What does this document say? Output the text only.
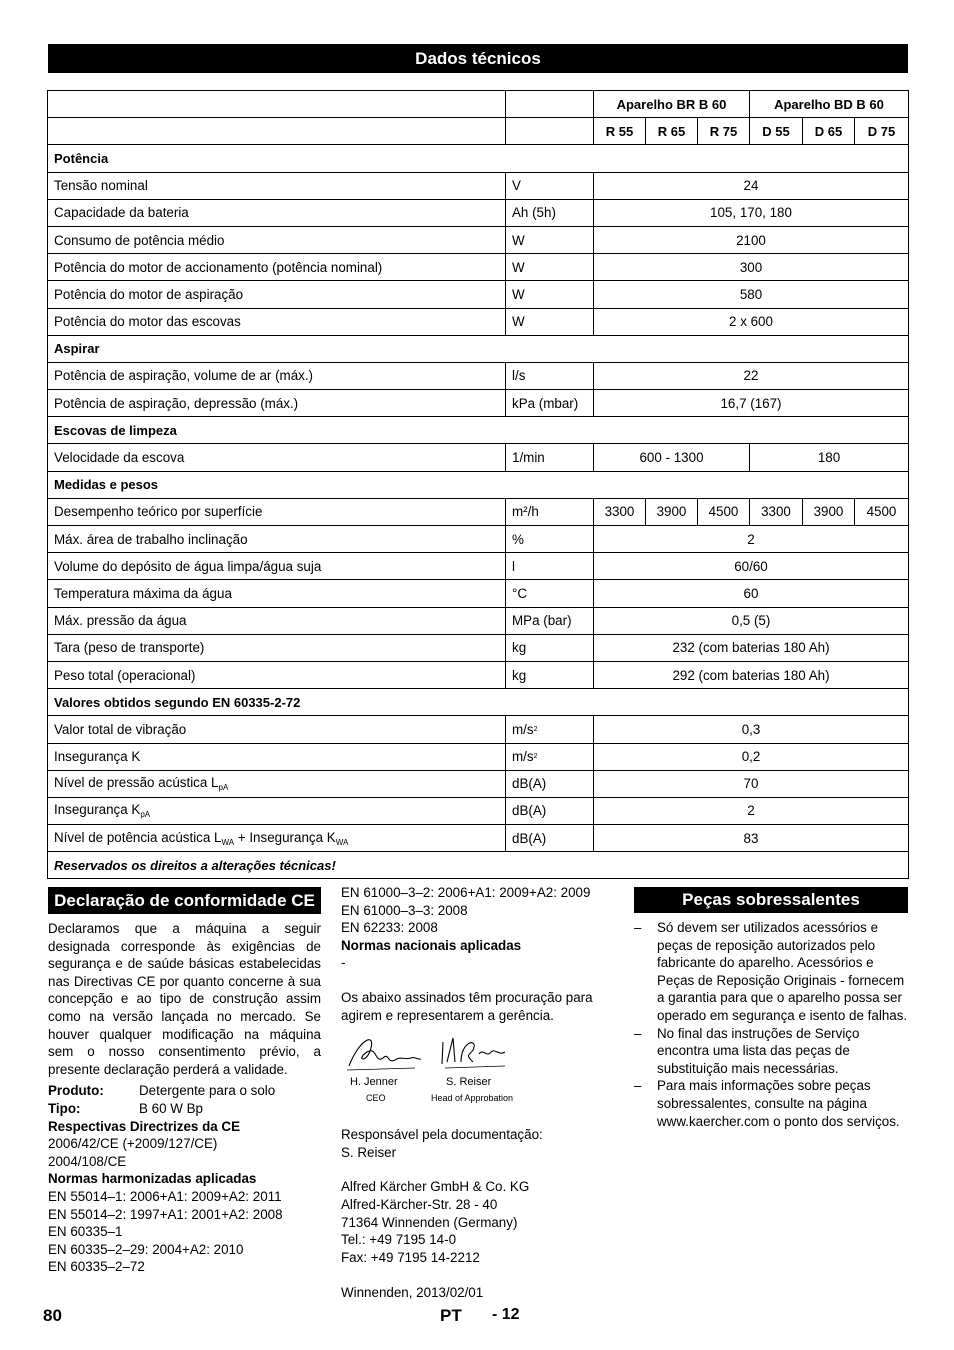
Dados técnicos
		Aparelho BR B 60			Aparelho BD B 60		
		R 55	R 65	R 75	D 55	D 65	D 75
Potência							
Tensão nominal	V	24					
Capacidade da bateria	Ah (5h)	105, 170, 180					
Consumo de potência médio	W	2100					
Potência do motor de accionamento (potência nominal)	W	300					
Potência do motor de aspiração	W	580					
Potência do motor das escovas	W	2 x 600					
Aspirar							
Potência de aspiração, volume de ar (máx.)	l/s	22					
Potência de aspiração, depressão (máx.)	kPa (mbar)	16,7 (167)					
Escovas de limpeza							
Velocidade da escova	1/min	600 - 1300			180		
Medidas e pesos							
Desempenho teórico por superfície	m²/h	3300	3900	4500	3300	3900	4500
Máx. área de trabalho inclinação	%	2					
Volume do depósito de água limpa/água suja	l	60/60					
Temperatura máxima da água	°C	60					
Máx. pressão da água	MPa (bar)	0,5 (5)					
Tara (peso de transporte)	kg	232 (com baterias 180 Ah)					
Peso total (operacional)	kg	292 (com baterias 180 Ah)					
Valores obtidos segundo EN 60335-2-72							
Valor total de vibração	$m/s^2$	0,3					
Insegurança K	$m/s^2$	0,2					
Nível de pressão acústica $L_{pA}$	dB(A)	70					
Insegurança $K_{pA}$	dB(A)	2					
Nível de potência acústica $L_{WA}$ + Insegurança $K_{WA}$	dB(A)	83					
Reservados os direitos a alterações técnicas!							
Declaração de conformidade CE

Declaramos que a máquina a seguir designada corresponde às exigências de segurança e de saúde básicas estabelecidas nas Directivas CE por quanto concerne à sua concepção e ao tipo de construção assim como na versão lançada no mercado. Se houver qualquer modificação na máquina sem o nosso consentimento prévio, a presente declaração perderá a validade.

Produto:	Detergente para o solo
Tipo:	B 60 W Bp
Respectivas Directrizes da CE
2006/42/CE (+2009/127/CE)
2004/108/CE
Normas harmonizadas aplicadas
EN 55014–1: 2006+A1: 2009+A2: 2011
EN 55014–2: 1997+A1: 2001+A2: 2008
EN 60335–1
EN 60335–2–29: 2004+A2: 2010
EN 60335–2–72
EN 61000–3–2: 2006+A1: 2009+A2: 2009
EN 61000–3–3: 2008
EN 62233: 2008
Normas nacionais aplicadas
-

Os abaixo assinados têm procuração para agirem e representarem a gerência.

H. Jenner
CEO
S. Reiser
Head of Approbation
Responsável pela documentação:
S. Reiser
Alfred Kärcher GmbH & Co. KG
Alfred-Kärcher-Str. 28 - 40
71364 Winnenden (Germany)
Tel.: +49 7195 14-0
Fax: +49 7195 14-2212
Winnenden, 2013/02/01
Peças sobressalentes
– Só devem ser utilizados acessórios e peças de reposição autorizados pelo fabricante do aparelho. Acessórios e Peças de Reposição Originais - fornecem a garantia para que o aparelho possa ser operado em segurança e isento de falhas.
– No final das instruções de Serviço encontra uma lista das peças de substituição mais necessárias.
– Para mais informações sobre peças sobressalentes, consulte na página www.kaercher.com o ponto dos serviços.
80	PT - 12
